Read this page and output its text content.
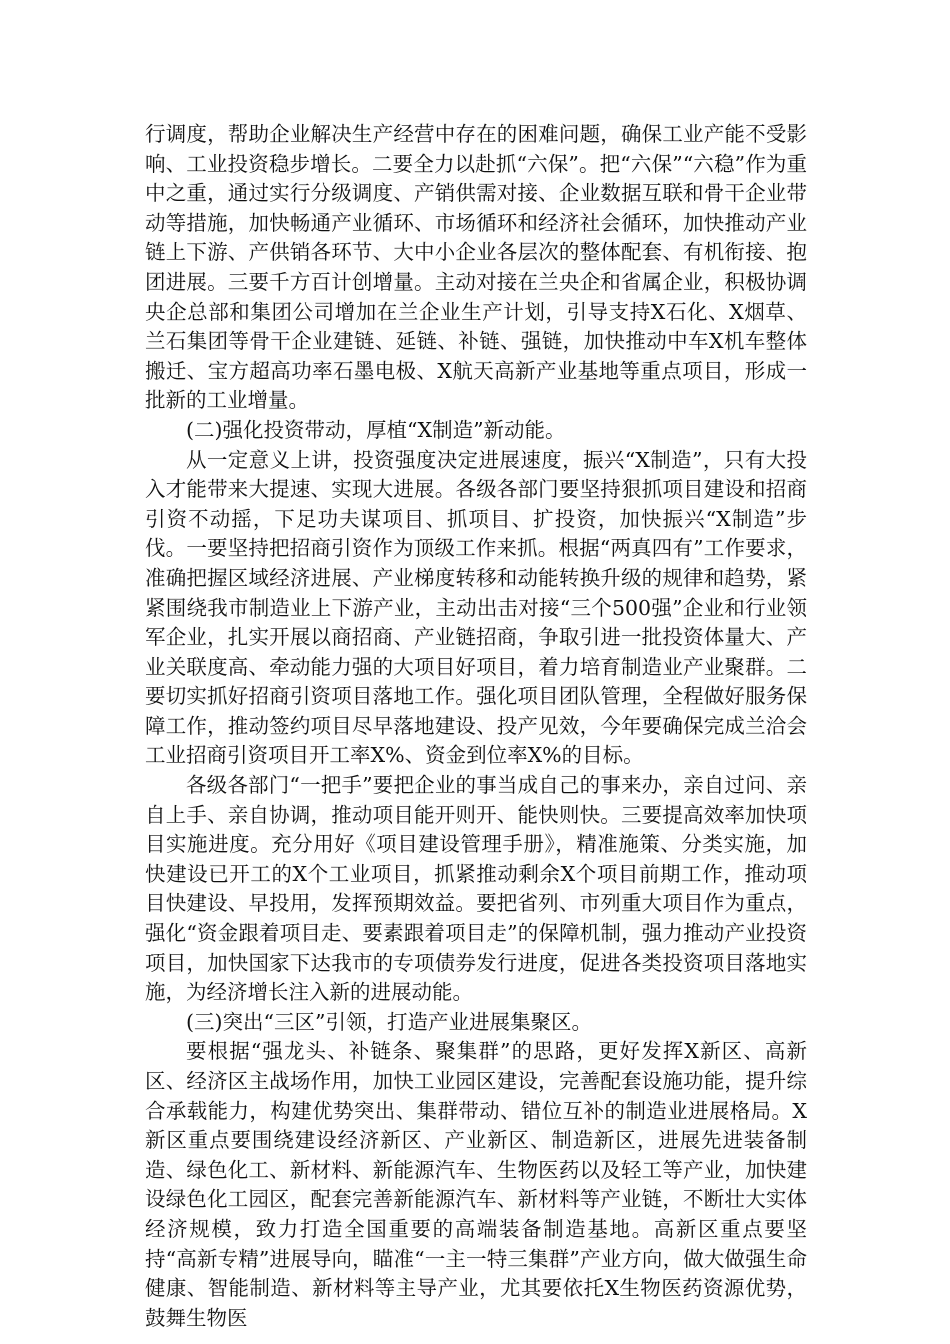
行调度，帮助企业解决生产经营中存在的困难问题，确保工业产能不受影响、工业投资稳步增长。二要全力以赴抓“六保”。把“六保”“六稳”作为重中之重，通过实行分级调度、产销供需对接、企业数据互联和骨干企业带动等措施，加快畅通产业循环、市场循环和经济社会循环，加快推动产业链上下游、产供销各环节、大中小企业各层次的整体配套、有机衔接、抱团进展。三要千方百计创增量。主动对接在兰央企和省属企业，积极协调央企总部和集团公司增加在兰企业生产计划，引导支持X石化、X烟草、兰石集团等骨干企业建链、延链、补链、强链，加快推动中车X机车整体搬迁、宝方超高功率石墨电极、X航天高新产业基地等重点项目，形成一批新的工业增量。

(二)强化投资带动，厚植“X制造”新动能。

从一定意义上讲，投资强度决定进展速度，振兴“X制造”，只有大投入才能带来大提速、实现大进展。各级各部门要坚持狠抓项目建设和招商引资不动摇，下足功夫谋项目、抓项目、扩投资，加快振兴“X制造”步伐。一要坚持把招商引资作为顶级工作来抓。根据“两真四有”工作要求，准确把握区域经济进展、产业梯度转移和动能转换升级的规律和趋势，紧紧围绕我市制造业上下游产业，主动出击对接“三个500强”企业和行业领军企业，扎实开展以商招商、产业链招商，争取引进一批投资体量大、产业关联度高、牵动能力强的大项目好项目，着力培育制造业产业聚群。二要切实抓好招商引资项目落地工作。强化项目团队管理，全程做好服务保障工作，推动签约项目尽早落地建设、投产见效，今年要确保完成兰洽会工业招商引资项目开工率X%、资金到位率X%的目标。

各级各部门“一把手”要把企业的事当成自己的事来办，亲自过问、亲自上手、亲自协调，推动项目能开则开、能快则快。三要提高效率加快项目实施进度。充分用好《项目建设管理手册》，精准施策、分类实施，加快建设已开工的X个工业项目，抓紧推动剩余X个项目前期工作，推动项目快建设、早投用，发挥预期效益。要把省列、市列重大项目作为重点，强化“资金跟着项目走、要素跟着项目走”的保障机制，强力推动产业投资项目，加快国家下达我市的专项债券发行进度，促进各类投资项目落地实施，为经济增长注入新的进展动能。

(三)突出“三区”引领，打造产业进展集聚区。

要根据“强龙头、补链条、聚集群”的思路，更好发挥X新区、高新区、经济区主战场作用，加快工业园区建设，完善配套设施功能，提升综合承载能力，构建优势突出、集群带动、错位互补的制造业进展格局。X新区重点要围绕建设经济新区、产业新区、制造新区，进展先进装备制造、绿色化工、新材料、新能源汽车、生物医药以及轻工等产业，加快建设绿色化工园区，配套完善新能源汽车、新材料等产业链，不断壮大实体经济规模，致力打造全国重要的高端装备制造基地。高新区重点要坚持“高新专精”进展导向，瞄准“一主一特三集群”产业方向，做大做强生命健康、智能制造、新材料等主导产业，尤其要依托X生物医药资源优势，鼓舞生物医
